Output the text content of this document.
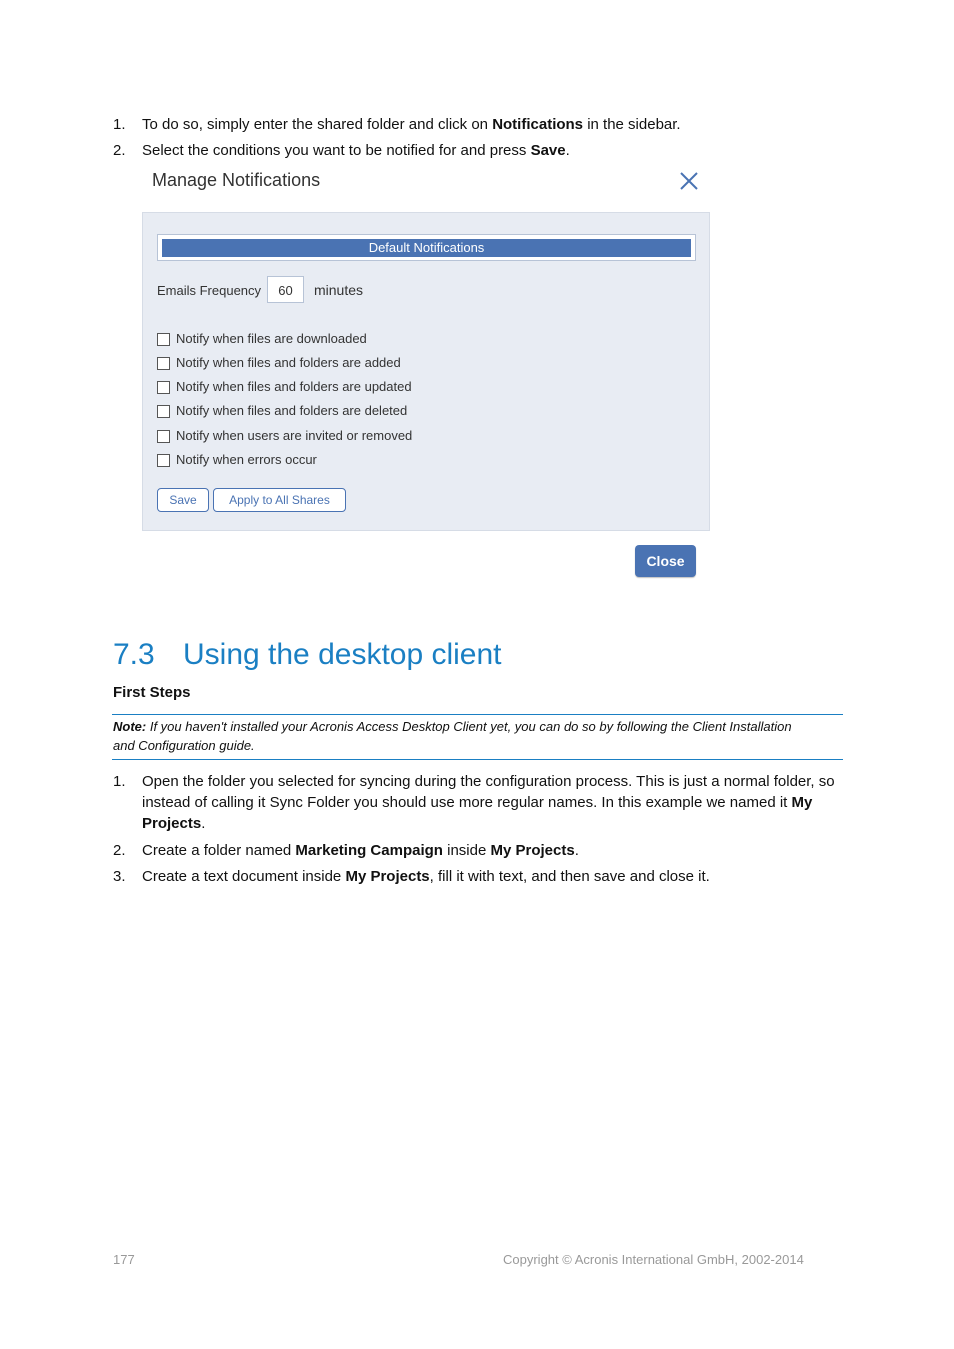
1.	To do so, simply enter the shared folder and click on Notifications in the sidebar.
2.	Select the conditions you want to be notified for and press Save.
Manage Notifications
Default Notifications
Emails Frequency	60	minutes
Notify when files are downloaded
Notify when files and folders are added
Notify when files and folders are updated
Notify when files and folders are deleted
Notify when users are invited or removed
Notify when errors occur
Save	Apply to All Shares
Close
7.3 Using the desktop client
First Steps
Note: If you haven't installed your Acronis Access Desktop Client yet, you can do so by following the Client Installation and Configuration guide.
1.	Open the folder you selected for syncing during the configuration process. This is just a normal folder, so instead of calling it Sync Folder you should use more regular names. In this example we named it My Projects.
2.	Create a folder named Marketing Campaign inside My Projects.
3.	Create a text document inside My Projects, fill it with text, and then save and close it.
177	Copyright © Acronis International GmbH, 2002-2014
